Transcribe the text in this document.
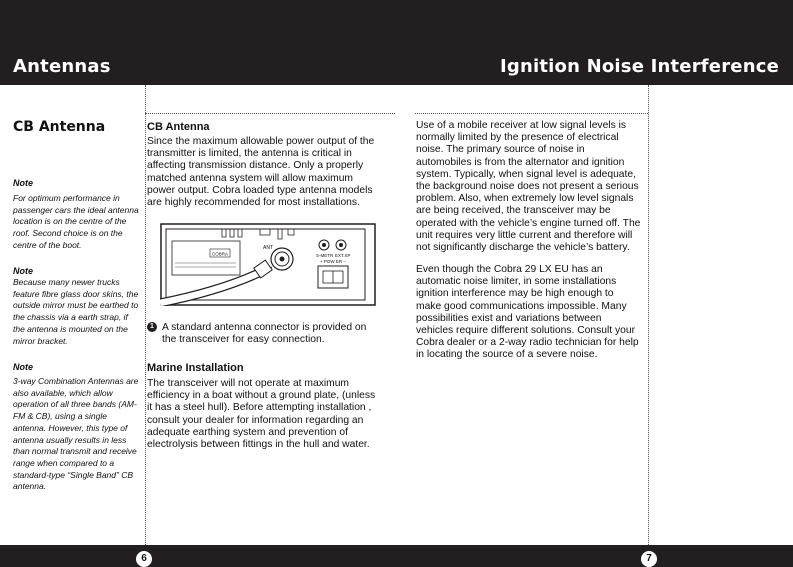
Antennas	Ignition Noise Interference
CB Antenna
Note
For optimum performance in passenger cars the ideal antenna location is on the centre of the roof. Second choice is on the centre of the boot.
Note
Because many newer trucks feature fibre glass door skins, the outside mirror must be earthed to the chassis via a earth strap, if the antenna is mounted on the mirror bracket.
Note
3-way Combination Antennas are also available, which allow operation of all three bands (AM-FM & CB), using a single antenna. However, this type of antenna usually results in less than normal transmit and receive range when compared to a standard-type “Single Band” CB antenna.
CB Antenna
Since the maximum allowable power output of the transmitter is limited, the antenna is critical in affecting transmission distance. Only a properly matched antenna system will allow maximum power output. Cobra loaded type antenna models are highly recommended for most installations.
COBRA
ANT
S-METR EXT.SP
+ POW ER –
1 A standard antenna connector is provided on the transceiver for easy connection.
Marine Installation
The transceiver will not operate at maximum efficiency in a boat without a ground plate, (unless it has a steel hull). Before attempting installation , consult your dealer for information regarding an adequate earthing system and prevention of electrolysis between fittings in the hull and water.
Use of a mobile receiver at low signal levels is normally limited by the presence of electrical noise. The primary source of noise in automobiles is from the alternator and ignition system. Typically, when signal level is adequate, the background noise does not present a serious problem. Also, when extremely low level signals are being received, the transceiver may be operated with the vehicle’s engine turned off. The unit requires very little current and therefore will not significantly discharge the vehicle’s battery.
Even though the Cobra 29 LX EU has an automatic noise limiter, in some installations ignition interference may be high enough to make good communications impossible. Many possibilities exist and variations between vehicles require different solutions. Consult your Cobra dealer or a 2-way radio technician for help in locating the source of a severe noise.
6	7
